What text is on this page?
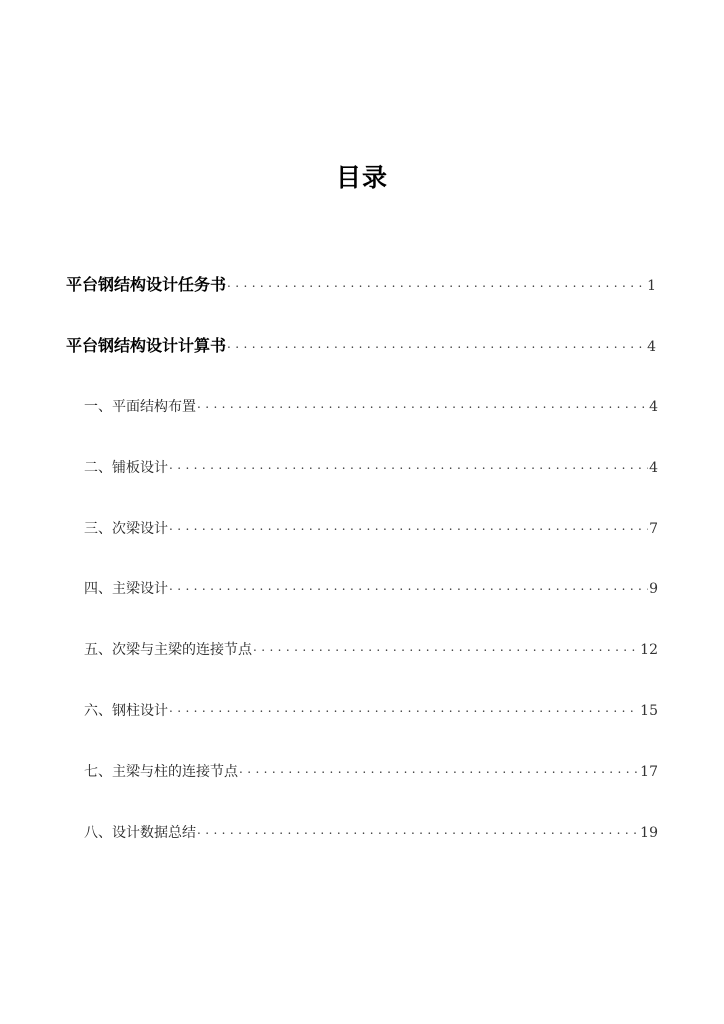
目录
平台钢结构设计任务书 . . .	1
平台钢结构设计计算书 . . .	4
一、平面结构布置 . . .	4
二、铺板设计 . . .	4
三、次梁设计 . . .	7
四、主梁设计 . . .	9
五、次梁与主梁的连接节点 . . .	12
六、钢柱设计 . . .	15
七、主梁与柱的连接节点 . . .	17
八、设计数据总结 . . .	19
